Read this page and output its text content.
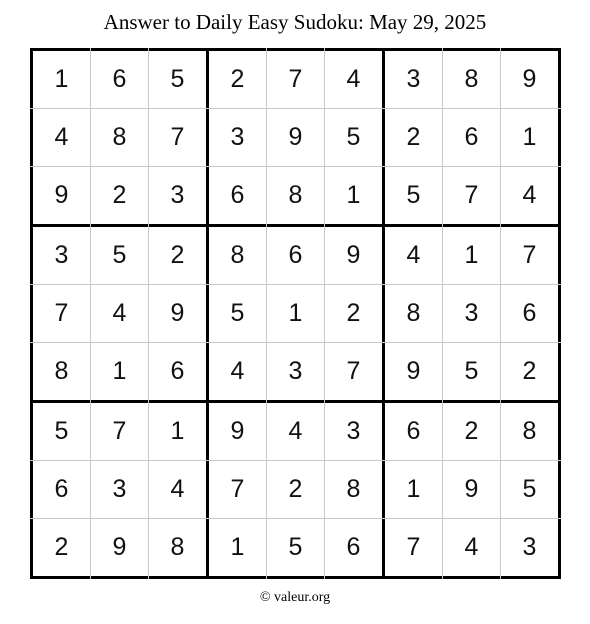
Answer to Daily Easy Sudoku: May 29, 2025
1	6	5	2	7	4	3	8	9
4	8	7	3	9	5	2	6	1
9	2	3	6	8	1	5	7	4
3	5	2	8	6	9	4	1	7
7	4	9	5	1	2	8	3	6
8	1	6	4	3	7	9	5	2
5	7	1	9	4	3	6	2	8
6	3	4	7	2	8	1	9	5
2	9	8	1	5	6	7	4	3
© valeur.org
